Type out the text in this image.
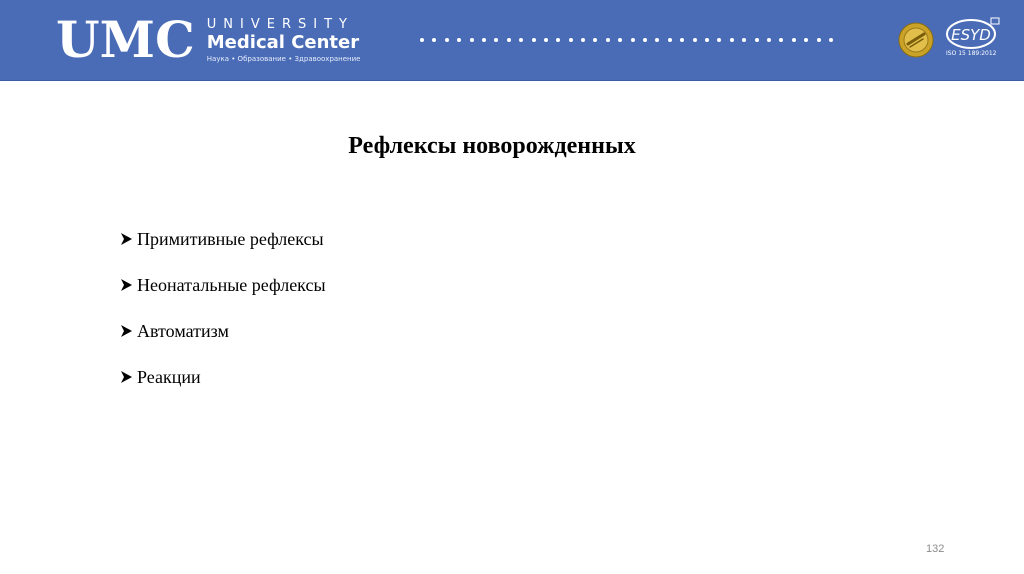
U M C UNIVERSITY
Medical Center
Наука • Образование • Здравоохранение
ESYD
ISO 15 189:2012
Рефлексы новорожденных
Примитивные рефлексы
Неонатальные рефлексы
Автоматизм
Реакции
132
